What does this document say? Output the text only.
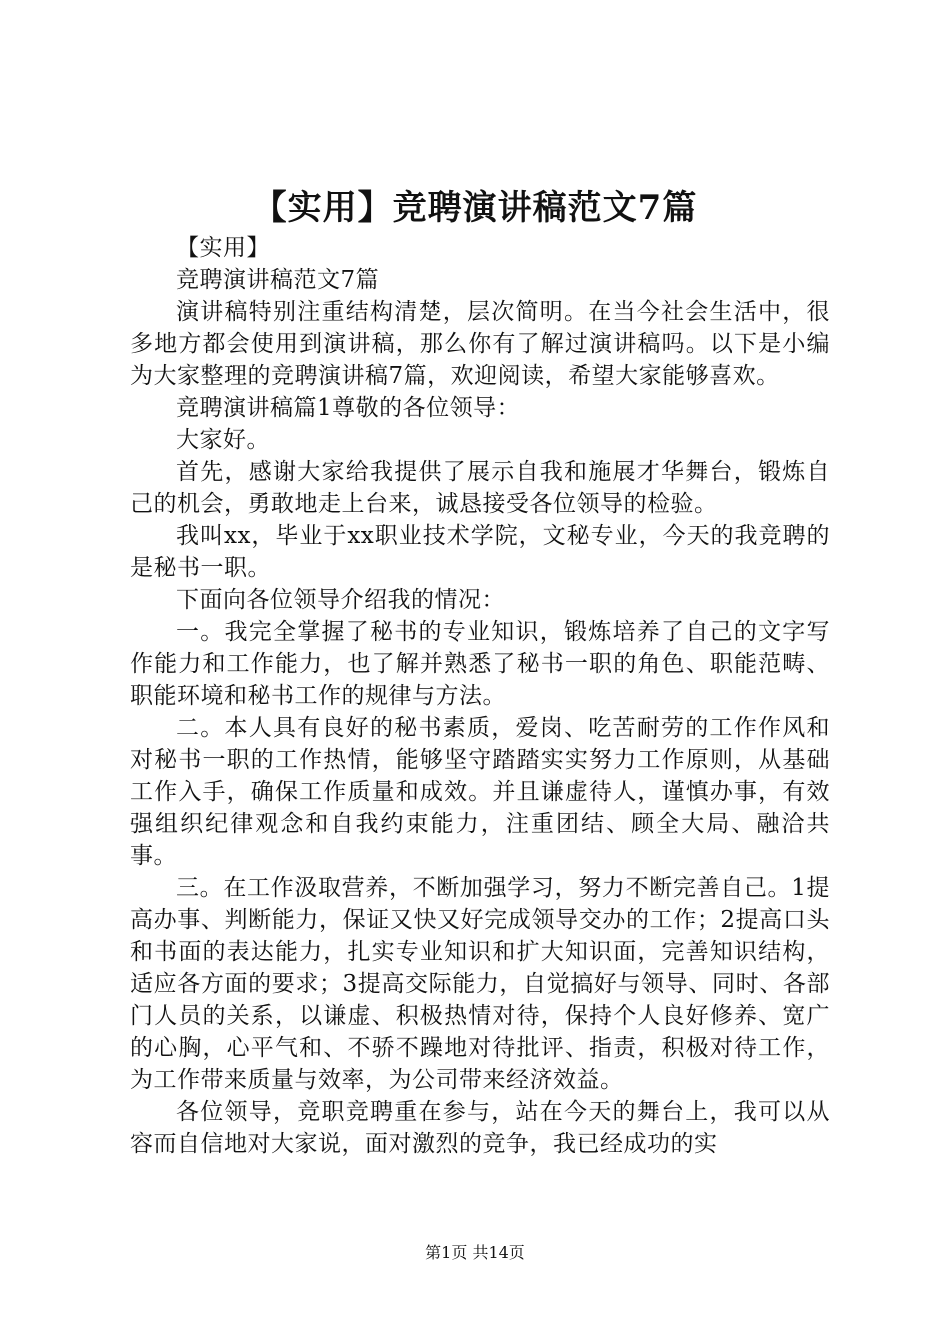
【实用】竞聘演讲稿范文7篇

【实用】

竞聘演讲稿范文7篇

演讲稿特别注重结构清楚，层次简明。在当今社会生活中，很多地方都会使用到演讲稿，那么你有了解过演讲稿吗。以下是小编为大家整理的竞聘演讲稿7篇，欢迎阅读，希望大家能够喜欢。

竞聘演讲稿篇1尊敬的各位领导：

大家好。

首先，感谢大家给我提供了展示自我和施展才华舞台，锻炼自己的机会，勇敢地走上台来，诚恳接受各位领导的检验。

我叫xx，毕业于xx职业技术学院，文秘专业，今天的我竞聘的是秘书一职。

下面向各位领导介绍我的情况：

一。我完全掌握了秘书的专业知识，锻炼培养了自己的文字写作能力和工作能力，也了解并熟悉了秘书一职的角色、职能范畴、职能环境和秘书工作的规律与方法。

二。本人具有良好的秘书素质，爱岗、吃苦耐劳的工作作风和对秘书一职的工作热情，能够坚守踏踏实实努力工作原则，从基础工作入手，确保工作质量和成效。并且谦虚待人，谨慎办事，有效强组织纪律观念和自我约束能力，注重团结、顾全大局、融洽共事。

三。在工作汲取营养，不断加强学习，努力不断完善自己。1提高办事、判断能力，保证又快又好完成领导交办的工作；2提高口头和书面的表达能力，扎实专业知识和扩大知识面，完善知识结构，适应各方面的要求；3提高交际能力，自觉搞好与领导、同时、各部门人员的关系，以谦虚、积极热情对待，保持个人良好修养、宽广的心胸，心平气和、不骄不躁地对待批评、指责，积极对待工作，为工作带来质量与效率，为公司带来经济效益。

各位领导，竞职竞聘重在参与，站在今天的舞台上，我可以从容而自信地对大家说，面对激烈的竞争，我已经成功的实

第1页 共14页
